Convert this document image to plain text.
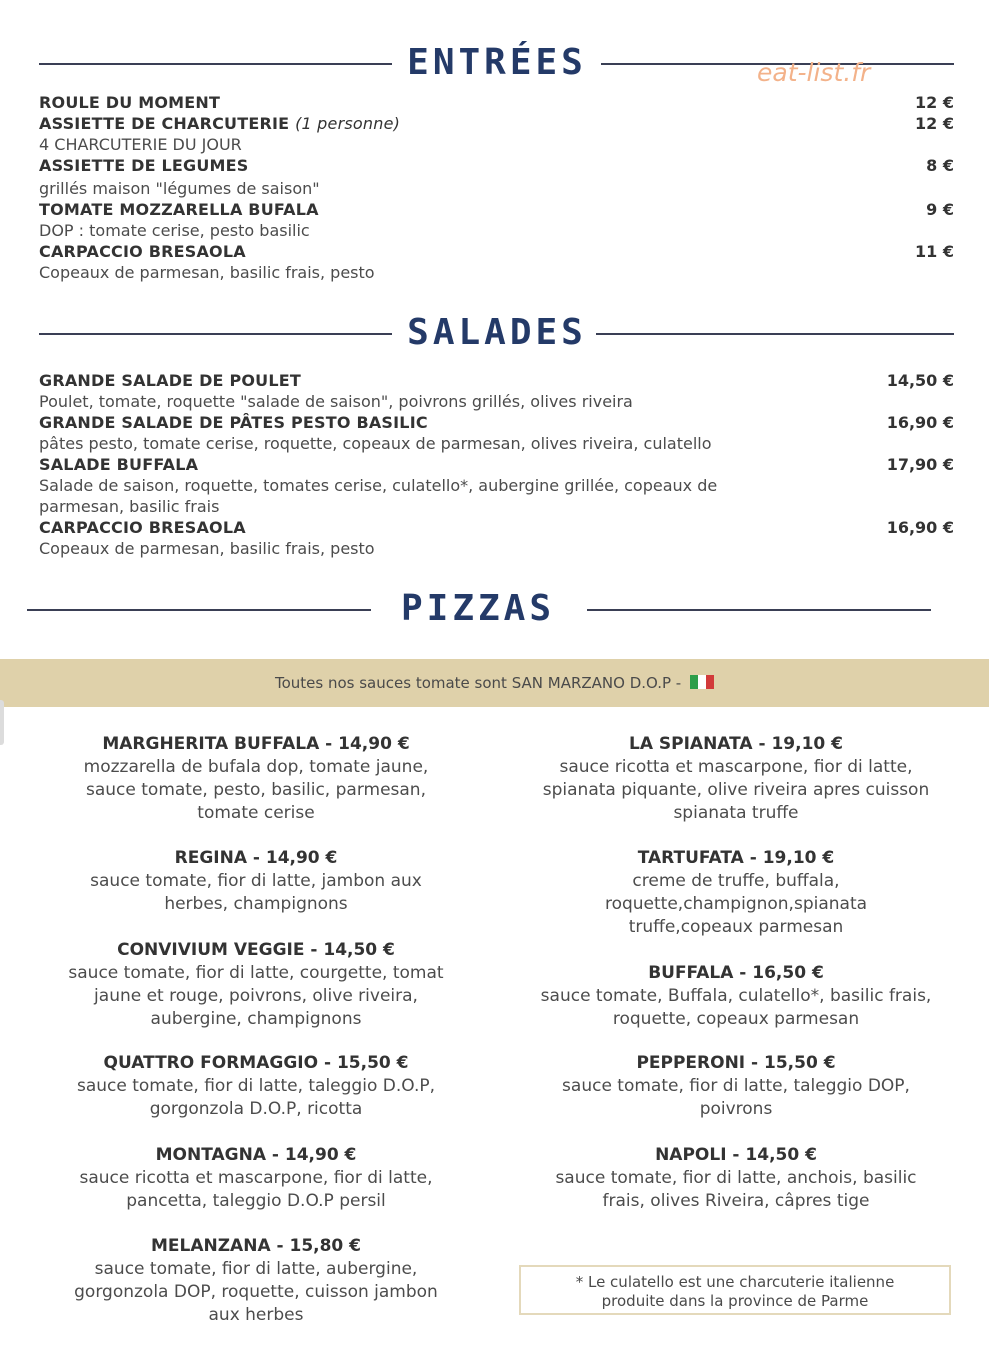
ENTRÉES	eat-list.fr
ROULE DU MOMENT	12 €
ASSIETTE DE CHARCUTERIE (1 personne)
4 CHARCUTERIE DU JOUR
12 €
ASSIETTE DE LEGUMES
grillés maison "légumes de saison"
8 €
TOMATE MOZZARELLA BUFALA
DOP : tomate cerise, pesto basilic
9 €
CARPACCIO BRESAOLA
Copeaux de parmesan, basilic frais, pesto
11 €
SALADES
GRANDE SALADE DE POULET
Poulet, tomate, roquette "salade de saison", poivrons grillés, olives riveira
14,50 €
GRANDE SALADE DE PÂTES PESTO BASILIC
pâtes pesto, tomate cerise, roquette, copeaux de parmesan, olives riveira, culatello
16,90 €
SALADE BUFFALA
Salade de saison, roquette, tomates cerise, culatello*, aubergine grillée, copeaux de parmesan, basilic frais
17,90 €
CARPACCIO BRESAOLA
Copeaux de parmesan, basilic frais, pesto
16,90 €
PIZZAS
Toutes nos sauces tomate sont SAN MARZANO D.O.P -
MARGHERITA BUFFALA - 14,90 €
mozzarella de bufala dop, tomate jaune,
sauce tomate, pesto, basilic, parmesan,
tomate cerise
REGINA - 14,90 €
sauce tomate, fior di latte, jambon aux
herbes, champignons
CONVIVIUM VEGGIE - 14,50 €
sauce tomate, fior di latte, courgette, tomat
jaune et rouge, poivrons, olive riveira,
aubergine, champignons
QUATTRO FORMAGGIO - 15,50 €
sauce tomate, fior di latte, taleggio D.O.P,
gorgonzola D.O.P, ricotta
MONTAGNA - 14,90 €
sauce ricotta et mascarpone, fior di latte,
pancetta, taleggio D.O.P persil
MELANZANA - 15,80 €
sauce tomate, fior di latte, aubergine,
gorgonzola DOP, roquette, cuisson jambon
aux herbes
LA SPIANATA - 19,10 €
sauce ricotta et mascarpone, fior di latte,
spianata piquante, olive riveira apres cuisson
spianata truffe
TARTUFATA - 19,10 €
creme de truffe, buffala,
roquette,champignon,spianata
truffe,copeaux parmesan
BUFFALA - 16,50 €
sauce tomate, Buffala, culatello*, basilic frais,
roquette, copeaux parmesan
PEPPERONI - 15,50 €
sauce tomate, fior di latte, taleggio DOP,
poivrons
NAPOLI - 14,50 €
sauce tomate, fior di latte, anchois, basilic
frais, olives Riveira, câpres tige
* Le culatello est une charcuterie italienne
produite dans la province de Parme
